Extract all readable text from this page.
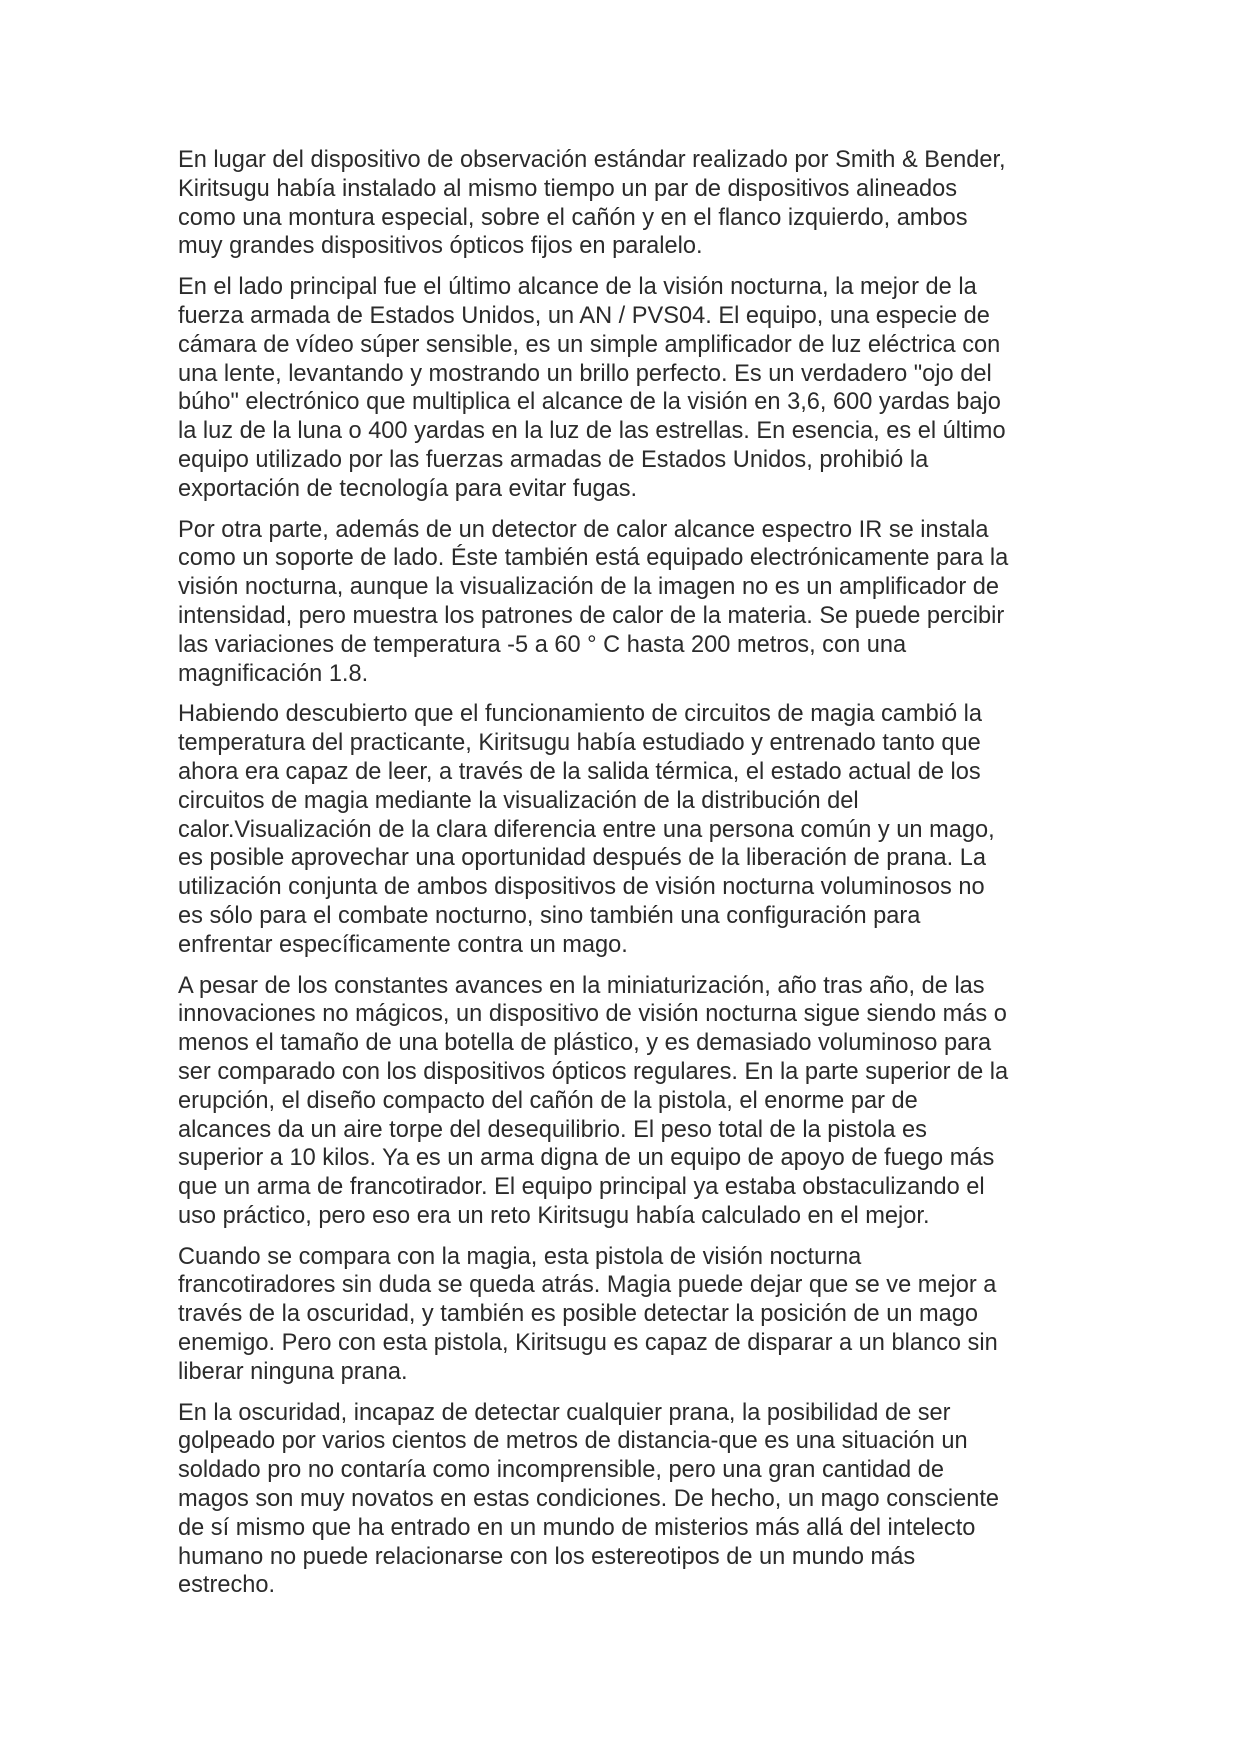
En lugar del dispositivo de observación estándar realizado por Smith & Bender,
Kiritsugu había instalado al mismo tiempo un par de dispositivos alineados
como una montura especial, sobre el cañón y en el flanco izquierdo, ambos
muy grandes dispositivos ópticos fijos en paralelo.

En el lado principal fue el último alcance de la visión nocturna, la mejor de la
fuerza armada de Estados Unidos, un AN / PVS04. El equipo, una especie de
cámara de vídeo súper sensible, es un simple amplificador de luz eléctrica con
una lente, levantando y mostrando un brillo perfecto. Es un verdadero "ojo del
búho" electrónico que multiplica el alcance de la visión en 3,6, 600 yardas bajo
la luz de la luna o 400 yardas en la luz de las estrellas. En esencia, es el último
equipo utilizado por las fuerzas armadas de Estados Unidos, prohibió la
exportación de tecnología para evitar fugas.

Por otra parte, además de un detector de calor alcance espectro IR se instala
como un soporte de lado. Éste también está equipado electrónicamente para la
visión nocturna, aunque la visualización de la imagen no es un amplificador de
intensidad, pero muestra los patrones de calor de la materia. Se puede percibir
las variaciones de temperatura -5 a 60 ° C hasta 200 metros, con una
magnificación 1.8.

Habiendo descubierto que el funcionamiento de circuitos de magia cambió la
temperatura del practicante, Kiritsugu había estudiado y entrenado tanto que
ahora era capaz de leer, a través de la salida térmica, el estado actual de los
circuitos de magia mediante la visualización de la distribución del
calor.Visualización de la clara diferencia entre una persona común y un mago,
es posible aprovechar una oportunidad después de la liberación de prana. La
utilización conjunta de ambos dispositivos de visión nocturna voluminosos no
es sólo para el combate nocturno, sino también una configuración para
enfrentar específicamente contra un mago.

A pesar de los constantes avances en la miniaturización, año tras año, de las
innovaciones no mágicos, un dispositivo de visión nocturna sigue siendo más o
menos el tamaño de una botella de plástico, y es demasiado voluminoso para
ser comparado con los dispositivos ópticos regulares. En la parte superior de la
erupción, el diseño compacto del cañón de la pistola, el enorme par de
alcances da un aire torpe del desequilibrio. El peso total de la pistola es
superior a 10 kilos. Ya es un arma digna de un equipo de apoyo de fuego más
que un arma de francotirador. El equipo principal ya estaba obstaculizando el
uso práctico, pero eso era un reto Kiritsugu había calculado en el mejor.

Cuando se compara con la magia, esta pistola de visión nocturna
francotiradores sin duda se queda atrás. Magia puede dejar que se ve mejor a
través de la oscuridad, y también es posible detectar la posición de un mago
enemigo. Pero con esta pistola, Kiritsugu es capaz de disparar a un blanco sin
liberar ninguna prana.

En la oscuridad, incapaz de detectar cualquier prana, la posibilidad de ser
golpeado por varios cientos de metros de distancia-que es una situación un
soldado pro no contaría como incomprensible, pero una gran cantidad de
magos son muy novatos en estas condiciones. De hecho, un mago consciente
de sí mismo que ha entrado en un mundo de misterios más allá del intelecto
humano no puede relacionarse con los estereotipos de un mundo más
estrecho.
